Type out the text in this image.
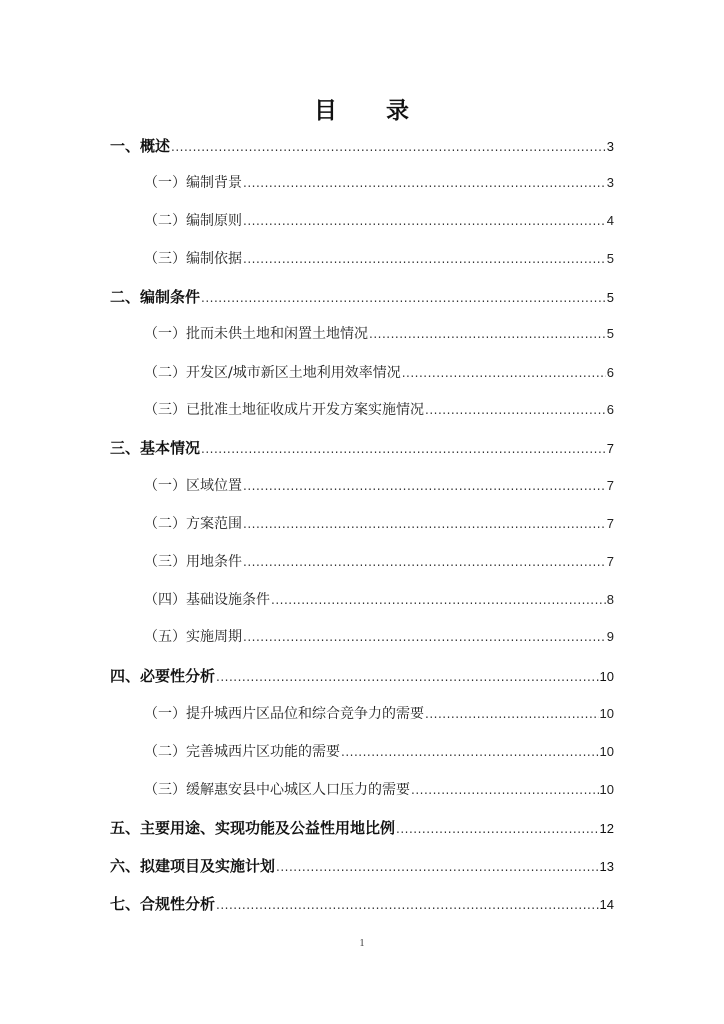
目　　录
一、概述 .....	3
（一）编制背景 .....	3
（二）编制原则 .....	4
（三）编制依据 .....	5
二、编制条件 .....	5
（一）批而未供土地和闲置土地情况 .....	5
（二）开发区/城市新区土地利用效率情况 .....	6
（三）已批准土地征收成片开发方案实施情况 .....	6
三、基本情况 .....	7
（一）区域位置 .....	7
（二）方案范围 .....	7
（三）用地条件 .....	7
（四）基础设施条件 .....	8
（五）实施周期 .....	9
四、必要性分析 .....	10
（一）提升城西片区品位和综合竞争力的需要 .....	10
（二）完善城西片区功能的需要 .....	10
（三）缓解惠安县中心城区人口压力的需要 .....	10
五、主要用途、实现功能及公益性用地比例 .....	12
六、拟建项目及实施计划 .....	13
七、合规性分析 .....	14
1
